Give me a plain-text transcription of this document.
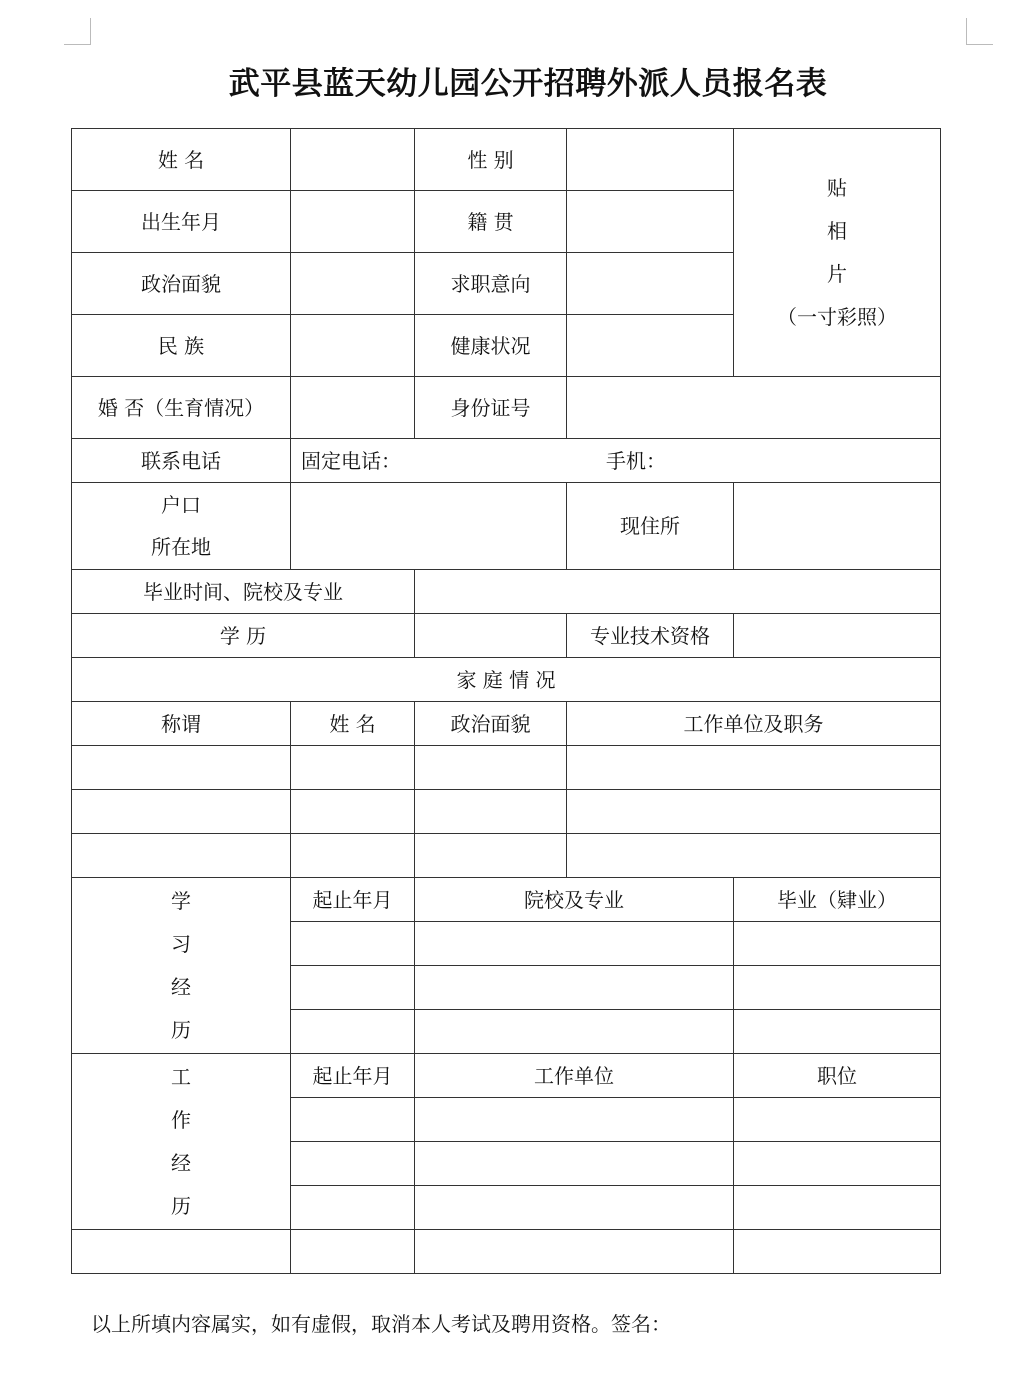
武平县蓝天幼儿园公开招聘外派人员报名表
姓 名		性 别		贴
相
片
（一寸彩照）

出生年月		籍 贯		
政治面貌		求职意向		
民 族		健康状况		
婚 否（生育情况）		身份证号		
联系电话	固定电话： 手机：			

户口
所在地			现住所	
毕业时间、院校及专业				
学 历			专业技术资格	
家 庭 情 况				
称谓	姓 名	政治面貌	工作单位及职务	

学
习
经
历	起止年月	院校及专业		毕业（肄业）

工
作
经
历	起止年月	工作单位		职位

以上所填内容属实，如有虚假，取消本人考试及聘用资格。签名：
